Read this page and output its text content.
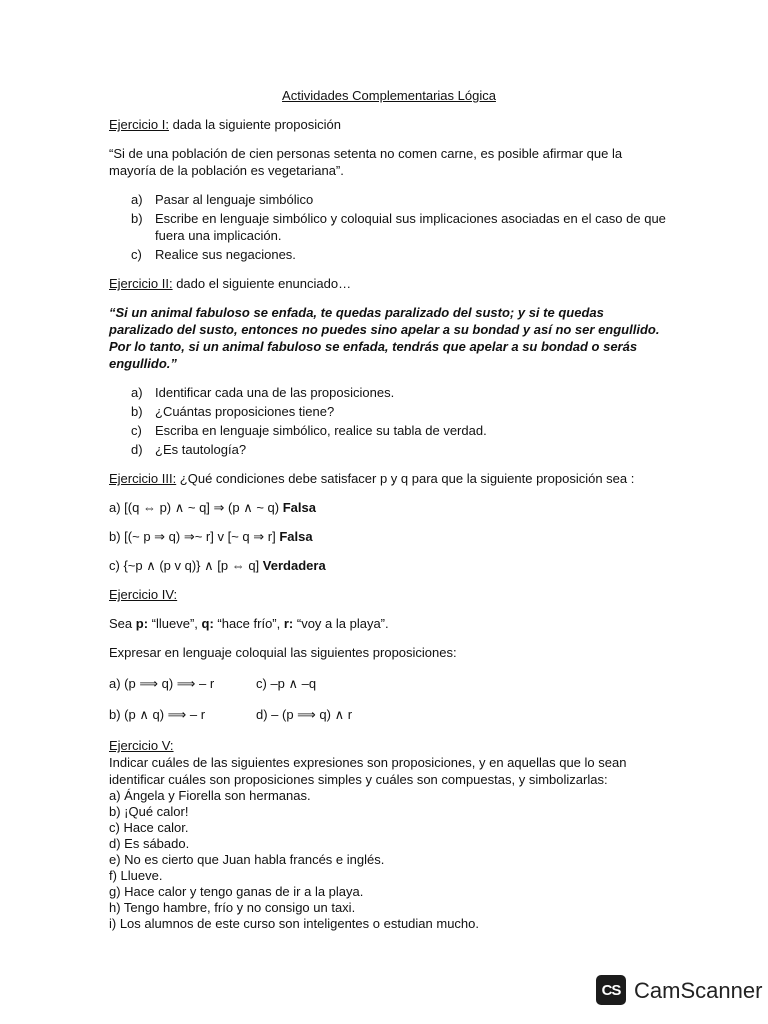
Actividades Complementarias Lógica
Ejercicio I: dada la siguiente proposición
“Si de una población de cien personas setenta no comen carne, es posible afirmar que la mayoría de la población es vegetariana”.
a) Pasar al lenguaje simbólico
b) Escribe en lenguaje simbólico y coloquial sus implicaciones asociadas en el caso de que fuera una implicación.
c) Realice sus negaciones.
Ejercicio II: dado el siguiente enunciado…
“Si un animal fabuloso se enfada, te quedas paralizado del susto; y si te quedas paralizado del susto, entonces no puedes sino apelar a su bondad y así no ser engullido. Por lo tanto, si un animal fabuloso se enfada, tendrás que apelar a su bondad o serás engullido.”
a) Identificar cada una de las proposiciones.
b) ¿Cuántas proposiciones tiene?
c) Escriba en lenguaje simbólico, realice su tabla de verdad.
d) ¿Es tautología?
Ejercicio III: ¿Qué condiciones debe satisfacer p y q para que la siguiente proposición sea :
a) [(q ⇔ p) ∧ ~ q] ⇒ (p ∧ ~ q) Falsa
b) [(~ p ⇒ q) ⇒~ r] v [~ q ⇒ r] Falsa
c) {~p ∧ (p v q)} ∧ [p ⇔ q] Verdadera
Ejercicio IV:
Sea p: “llueve”, q: “hace frío”, r: “voy a la playa”.
Expresar en lenguaje coloquial las siguientes proposiciones:
a) (p ⟹ q) ⟹ – r	c) –p ∧ –q
b) (p ∧ q) ⟹ – r	d) – (p ⟹ q) ∧ r
Ejercicio V:
Indicar cuáles de las siguientes expresiones son proposiciones, y en aquellas que lo sean identificar cuáles son proposiciones simples y cuáles son compuestas, y simbolizarlas:
a) Ángela y Fiorella son hermanas.
b) ¡Qué calor!
c) Hace calor.
d) Es sábado.
e) No es cierto que Juan habla francés e inglés.
f) Llueve.
g) Hace calor y tengo ganas de ir a la playa.
h) Tengo hambre, frío y no consigo un taxi.
i) Los alumnos de este curso son inteligentes o estudian mucho.
CS CamScanner
